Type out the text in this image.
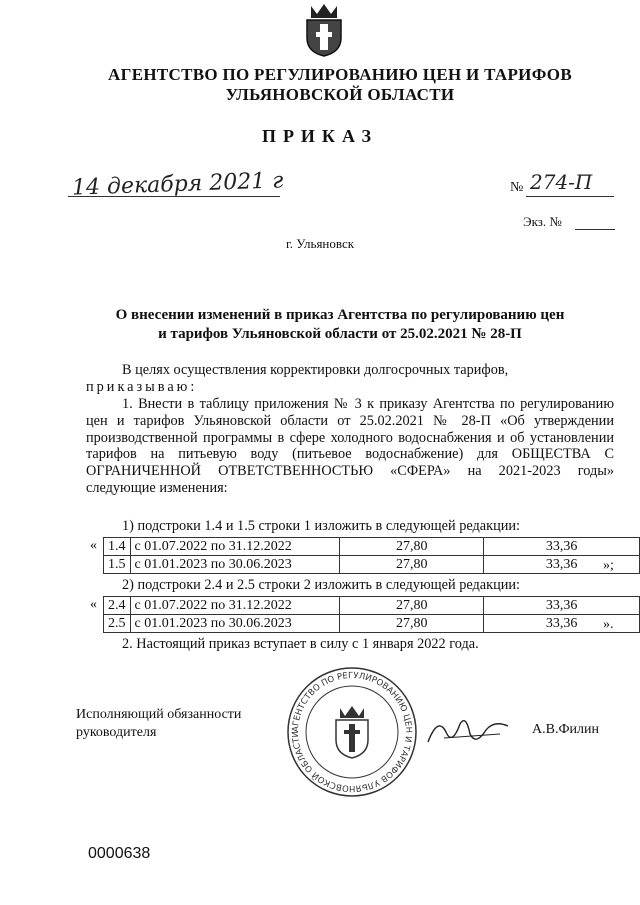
АГЕНТСТВО ПО РЕГУЛИРОВАНИЮ ЦЕН И ТАРИФОВ
УЛЬЯНОВСКОЙ ОБЛАСТИ
ПРИКАЗ
14 декабря 2021 г	№ 274-П
Экз. №
г. Ульяновск
О внесении изменений в приказ Агентства по регулированию цен
и тарифов Ульяновской области от 25.02.2021 № 28-П
В целях осуществления корректировки долгосрочных тарифов,
приказываю:
1. Внести в таблицу приложения № 3 к приказу Агентства по регулированию цен и тарифов Ульяновской области от 25.02.2021 № 28-П «Об утверждении производственной программы в сфере холодного водоснабжения и об установлении тарифов на питьевую воду (питьевое водоснабжение) для ОБЩЕСТВА С ОГРАНИЧЕННОЙ ОТВЕТСТВЕННОСТЬЮ «СФЕРА» на 2021-2023 годы» следующие изменения:
1) подстроки 1.4 и 1.5 строки 1 изложить в следующей редакции:
« 1.4	с 01.07.2022 по 31.12.2022	27,80	33,36
1.5	с 01.01.2023 по 30.06.2023	27,80	33,36 »;
2) подстроки 2.4 и 2.5 строки 2 изложить в следующей редакции:
« 2.4	с 01.07.2022 по 31.12.2022	27,80	33,36
2.5	с 01.01.2023 по 30.06.2023	27,80	33,36 ».
2. Настоящий приказ вступает в силу с 1 января 2022 года.
Исполняющий обязанности
руководителя	АГЕНТСТВО ПО РЕГУЛИРОВАНИЮ ЦЕН И ТАРИФОВ УЛЬЯНОВСКОЙ ОБЛАСТИ	А.В.Филин
0000638
